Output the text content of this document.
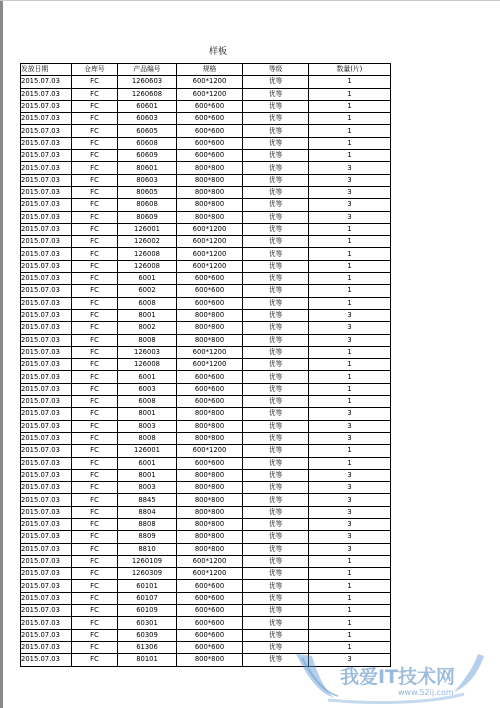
样板
发放日期	仓库号	产品编号	规格	等级	数量(片)
2015.07.03	FC	1260603	600*1200	优等	1
2015.07.03	FC	1260608	600*1200	优等	1
2015.07.03	FC	60601	600*600	优等	1
2015.07.03	FC	60603	600*600	优等	1
2015.07.03	FC	60605	600*600	优等	1
2015.07.03	FC	60608	600*600	优等	1
2015.07.03	FC	60609	600*600	优等	1
2015.07.03	FC	80601	800*800	优等	3
2015.07.03	FC	80603	800*800	优等	3
2015.07.03	FC	80605	800*800	优等	3
2015.07.03	FC	80608	800*800	优等	3
2015.07.03	FC	80609	800*800	优等	3
2015.07.03	FC	126001	600*1200	优等	1
2015.07.03	FC	126002	600*1200	优等	1
2015.07.03	FC	126008	600*1200	优等	1
2015.07.03	FC	126008	600*1200	优等	1
2015.07.03	FC	6001	600*600	优等	1
2015.07.03	FC	6002	600*600	优等	1
2015.07.03	FC	6008	600*600	优等	1
2015.07.03	FC	8001	800*800	优等	3
2015.07.03	FC	8002	800*800	优等	3
2015.07.03	FC	8008	800*800	优等	3
2015.07.03	FC	126003	600*1200	优等	1
2015.07.03	FC	126008	600*1200	优等	1
2015.07.03	FC	6001	600*600	优等	1
2015.07.03	FC	6003	600*600	优等	1
2015.07.03	FC	6008	600*600	优等	1
2015.07.03	FC	8001	800*800	优等	3
2015.07.03	FC	8003	800*800	优等	3
2015.07.03	FC	8008	800*800	优等	3
2015.07.03	FC	126001	600*1200	优等	1
2015.07.03	FC	6001	600*600	优等	1
2015.07.03	FC	8001	800*800	优等	3
2015.07.03	FC	8003	800*800	优等	3
2015.07.03	FC	8845	800*800	优等	3
2015.07.03	FC	8804	800*800	优等	3
2015.07.03	FC	8808	800*800	优等	3
2015.07.03	FC	8809	800*800	优等	3
2015.07.03	FC	8810	800*800	优等	3
2015.07.03	FC	1260109	600*1200	优等	1
2015.07.03	FC	1260309	600*1200	优等	1
2015.07.03	FC	60101	600*600	优等	1
2015.07.03	FC	60107	600*600	优等	1
2015.07.03	FC	60109	600*600	优等	1
2015.07.03	FC	60301	600*600	优等	1
2015.07.03	FC	60309	600*600	优等	1
2015.07.03	FC	61306	600*600	优等	1
2015.07.03	FC	80101	800*800	优等	3
我爱IT技术网
www.52ij.com
